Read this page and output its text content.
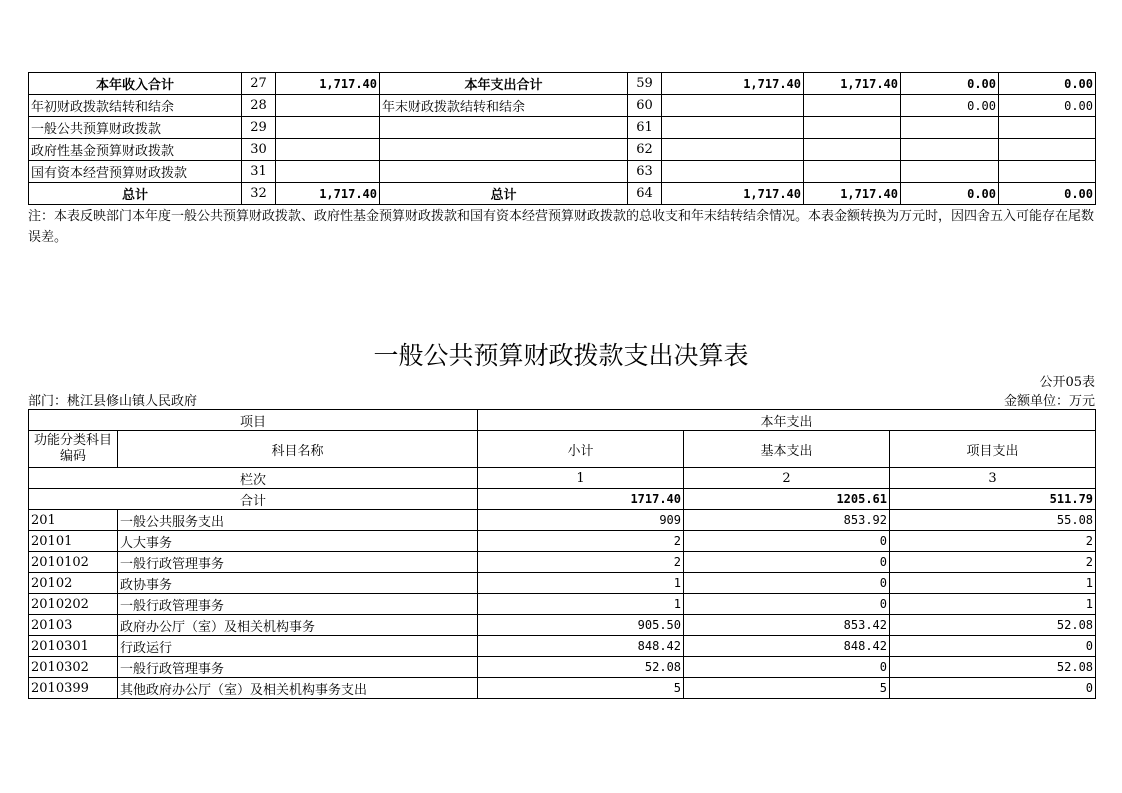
本年收入合计	27	1,717.40	本年支出合计	59	1,717.40	1,717.40	0.00	0.00
年初财政拨款结转和结余	28		年末财政拨款结转和结余	60			0.00	0.00
一般公共预算财政拨款	29			61				
政府性基金预算财政拨款	30			62				
国有资本经营预算财政拨款	31			63				
总计	32	1,717.40	总计	64	1,717.40	1,717.40	0.00	0.00
注：本表反映部门本年度一般公共预算财政拨款、政府性基金预算财政拨款和国有资本经营预算财政拨款的总收支和年末结转结余情况。本表金额转换为万元时，因四舍五入可能存在尾数误差。
一般公共预算财政拨款支出决算表
公开05表
部门：桃江县修山镇人民政府	金额单位：万元
项目		本年支出		
功能分类科目编码	科目名称	小计	基本支出	项目支出
栏次		1	2	3
合计		1717.40	1205.61	511.79
201	一般公共服务支出	909	853.92	55.08
20101	人大事务	2	0	2
2010102	一般行政管理事务	2	0	2
20102	政协事务	1	0	1
2010202	一般行政管理事务	1	0	1
20103	政府办公厅（室）及相关机构事务	905.50	853.42	52.08
2010301	行政运行	848.42	848.42	0
2010302	一般行政管理事务	52.08	0	52.08
2010399	其他政府办公厅（室）及相关机构事务支出	5	5	0
